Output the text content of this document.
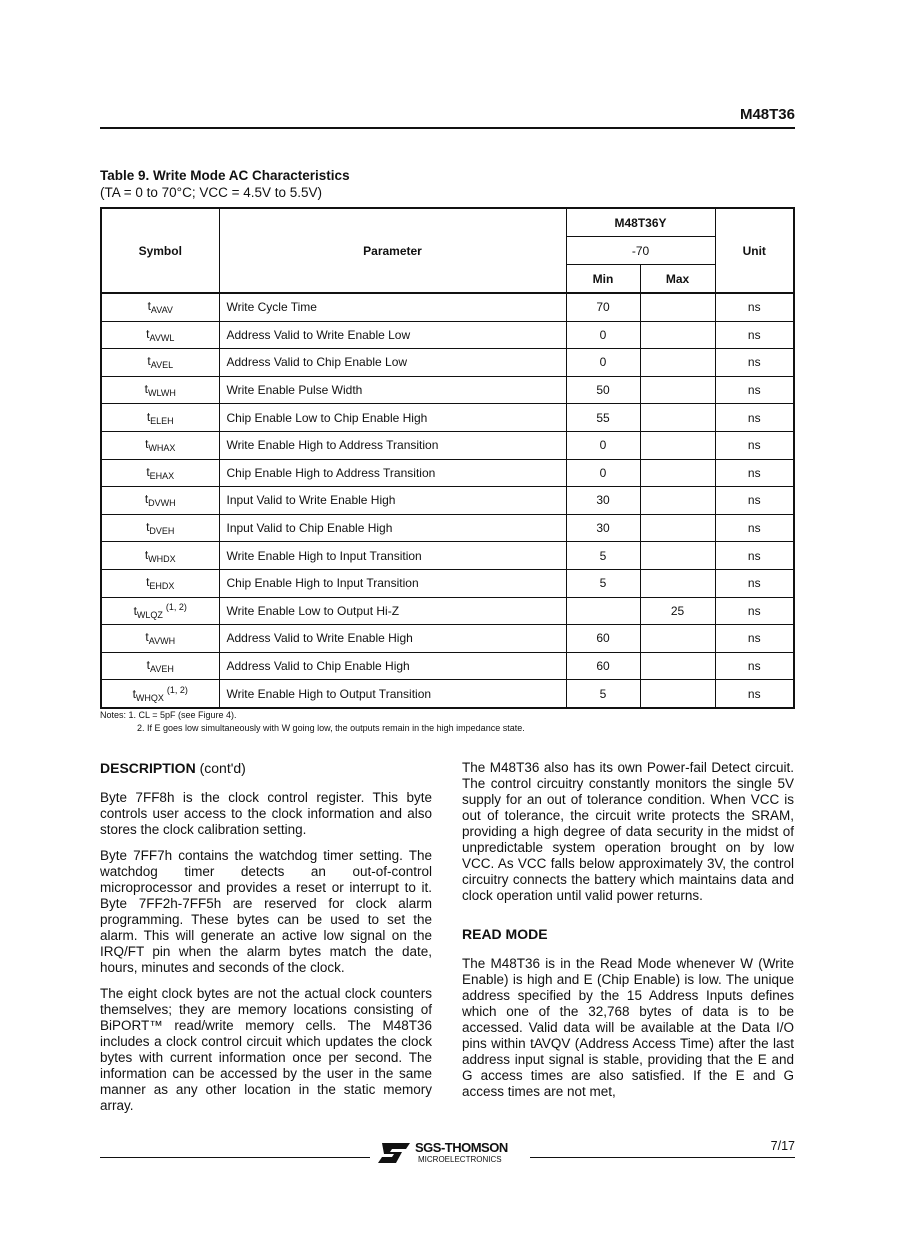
M48T36
Table 9. Write Mode AC Characteristics
(TA = 0 to 70°C; VCC = 4.5V to 5.5V)
Symbol	Parameter	M48T36Y		Unit
		-70		
		Min	Max	
$t_{AVAV}$	Write Cycle Time	70		ns
$t_{AVWL}$	Address Valid to Write Enable Low	0		ns
$t_{AVEL}$	Address Valid to Chip Enable Low	0		ns
$t_{WLWH}$	Write Enable Pulse Width	50		ns
$t_{ELEH}$	Chip Enable Low to Chip Enable High	55		ns
$t_{WHAX}$	Write Enable High to Address Transition	0		ns
$t_{EHAX}$	Chip Enable High to Address Transition	0		ns
$t_{DVWH}$	Input Valid to Write Enable High	30		ns
$t_{DVEH}$	Input Valid to Chip Enable High	30		ns
$t_{WHDX}$	Write Enable High to Input Transition	5		ns
$t_{EHDX}$	Chip Enable High to Input Transition	5		ns
$t_{WLQZ}^{(1, 2)}$	Write Enable Low to Output Hi-Z		25	ns
$t_{AVWH}$	Address Valid to Write Enable High	60		ns
$t_{AVEH}$	Address Valid to Chip Enable High	60		ns
$t_{WHQX}^{(1, 2)}$	Write Enable High to Output Transition	5		ns
Notes: 1. CL = 5pF (see Figure 4).
2. If E goes low simultaneously with W going low, the outputs remain in the high impedance state.
DESCRIPTION (cont'd)

Byte 7FF8h is the clock control register. This byte controls user access to the clock information and also stores the clock calibration setting.

Byte 7FF7h contains the watchdog timer setting. The watchdog timer detects an out-of-control microprocessor and provides a reset or interrupt to it. Byte 7FF2h-7FF5h are reserved for clock alarm programming. These bytes can be used to set the alarm. This will generate an active low signal on the IRQ/FT pin when the alarm bytes match the date, hours, minutes and seconds of the clock.

The eight clock bytes are not the actual clock counters themselves; they are memory locations consisting of BiPORT™ read/write memory cells. The M48T36 includes a clock control circuit which updates the clock bytes with current information once per second. The information can be accessed by the user in the same manner as any other location in the static memory array.

The M48T36 also has its own Power-fail Detect circuit. The control circuitry constantly monitors the single 5V supply for an out of tolerance condition. When VCC is out of tolerance, the circuit write protects the SRAM, providing a high degree of data security in the midst of unpredictable system operation brought on by low VCC. As VCC falls below approximately 3V, the control circuitry connects the battery which maintains data and clock operation until valid power returns.

READ MODE

The M48T36 is in the Read Mode whenever W (Write Enable) is high and E (Chip Enable) is low. The unique address specified by the 15 Address Inputs defines which one of the 32,768 bytes of data is to be accessed. Valid data will be available at the Data I/O pins within tAVQV (Address Access Time) after the last address input signal is stable, providing that the E and G access times are also satisfied. If the E and G access times are not met,

SGS-THOMSON
MICROELECTRONICS
7/17
